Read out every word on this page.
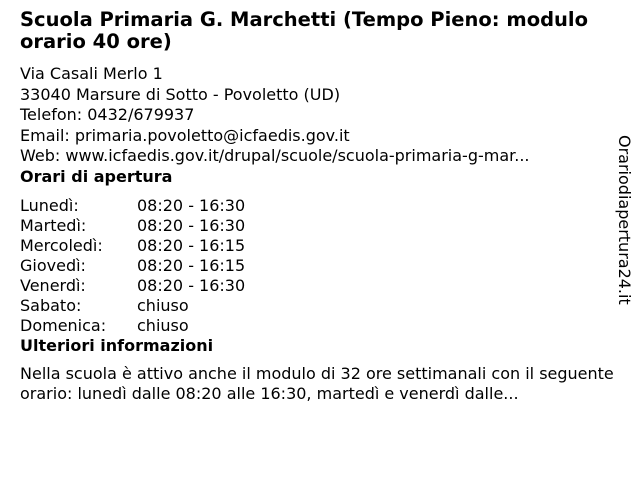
Scuola Primaria G. Marchetti (Tempo Pieno: modulo orario 40 ore)
Via Casali Merlo 1
33040 Marsure di Sotto - Povoletto (UD)
Telefon: 0432/679937
Email: primaria.povoletto@icfaedis.gov.it
Web: www.icfaedis.gov.it/drupal/scuole/scuola-primaria-g-mar...
Orari di apertura
Lunedì:	08:20 - 16:30
Martedì:	08:20 - 16:30
Mercoledì:	08:20 - 16:15
Giovedì:	08:20 - 16:15
Venerdì:	08:20 - 16:30
Sabato:	chiuso
Domenica:	chiuso
Ulteriori informazioni
Nella scuola è attivo anche il modulo di 32 ore settimanali con il seguente orario: lunedì dalle 08:20 alle 16:30, martedì e venerdì dalle...
Orariodiapertura24.it
